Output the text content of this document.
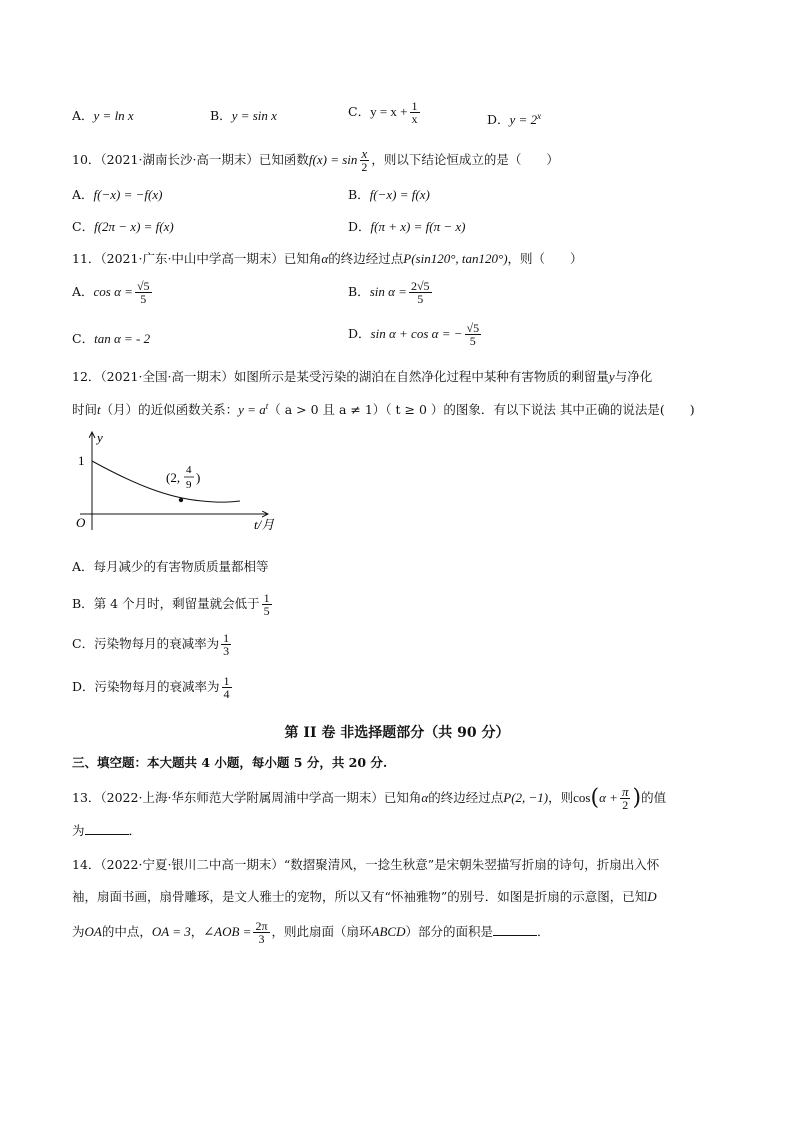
A．y = ln x	B．y = sin x	C．$y = x + \frac{1}{x}$	D．$y = 2^x$
10．（2021·湖南长沙·高一期末）已知函数$f(x) = \sin \frac{x}{2}$ ，则以下结论恒成立的是（　　）
A．f(−x) = −f(x)	B．f(−x) = f(x)
C．f(2π − x) = f(x)	D．f(π + x) = f(π − x)
11．（2021·广东·中山中学高一期末）已知角α的终边经过点P(sin120°, tan120°)，则（　　）
A．$\cos \alpha = \frac{√5}{5}$	B．$\sin \alpha = \frac{2√5}{5}$
C．tan α = - 2	D．sin α + cos α = − $\frac{√5}{5}$
12．（2021·全国·高一期末）如图所示是某受污染的湖泊在自然净化过程中某种有害物质的剩留量y与净化
时间t（月）的近似函数关系：$y = a^t$（ a > 0 且 a ≠ 1）（ t ≥ 0 ）的图象．有以下说法 其中正确的说法是(　　)
y
1
O	t/月
(2, 4
9 )
A．每月减少的有害物质质量都相等
B．第 4 个月时，剩留量就会低于 $\frac{1}{5}$
C．污染物每月的衰减率为 $\frac{1}{3}$
D．污染物每月的衰减率为 $\frac{1}{4}$
第 II 卷 非选择题部分（共 90 分）
三、填空题：本大题共 4 小题，每小题 5 分，共 20 分.
13．（2022·上海·华东师范大学附属周浦中学高一期末）已知角α的终边经过点P(2, −1)，则$\cos(\alpha + \frac{\pi}{2}$ )的值
为	．
14．（2022·宁夏·银川二中高一期末）“数摺聚清风，一捻生秋意”是宋朝朱翌描写折扇的诗句，折扇出入怀
袖，扇面书画，扇骨雕琢，是文人雅士的宠物，所以又有“怀袖雅物”的别号．如图是折扇的示意图，已知D
为OA的中点，OA = 3，∠AOB = $\frac{2\pi}{3}$ ，则此扇面（扇环ABCD）部分的面积是	．
